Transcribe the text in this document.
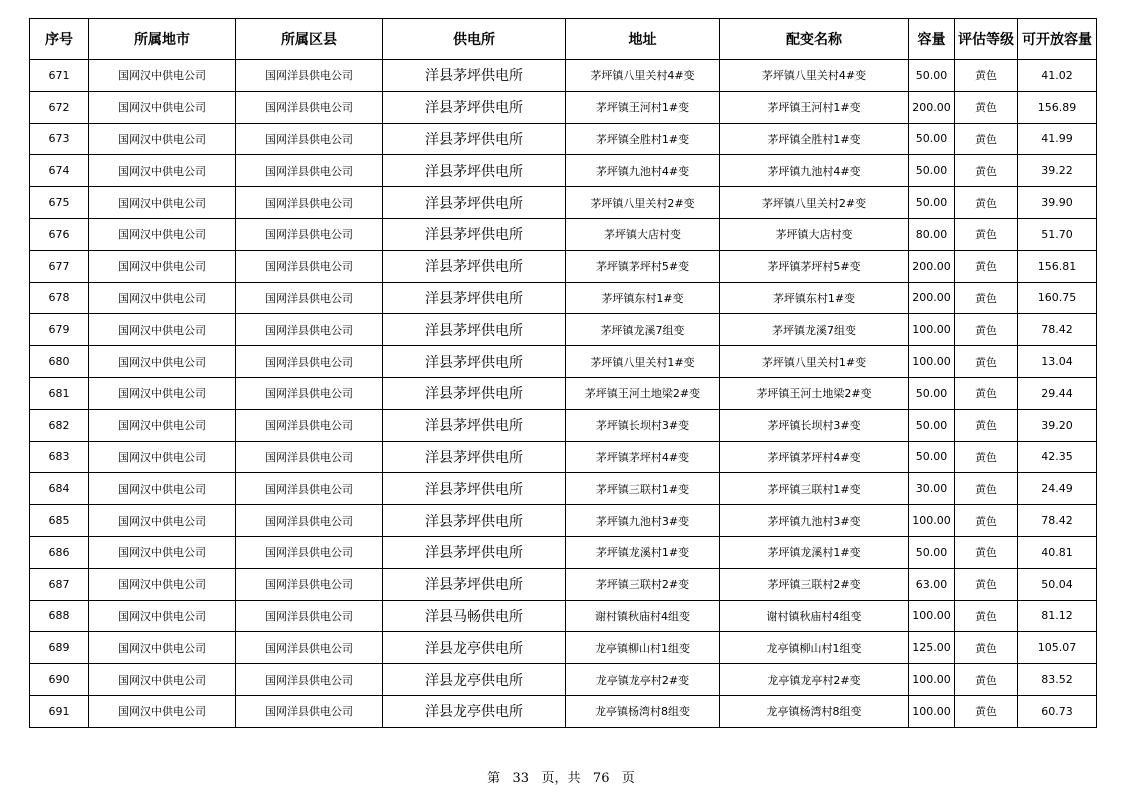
序号	所属地市	所属区县	供电所	地址	配变名称	容量	评估等级	可开放容量
671	国网汉中供电公司	国网洋县供电公司	洋县茅坪供电所	茅坪镇八里关村4#变	茅坪镇八里关村4#变	50.00	黄色	41.02
672	国网汉中供电公司	国网洋县供电公司	洋县茅坪供电所	茅坪镇王河村1#变	茅坪镇王河村1#变	200.00	黄色	156.89
673	国网汉中供电公司	国网洋县供电公司	洋县茅坪供电所	茅坪镇全胜村1#变	茅坪镇全胜村1#变	50.00	黄色	41.99
674	国网汉中供电公司	国网洋县供电公司	洋县茅坪供电所	茅坪镇九池村4#变	茅坪镇九池村4#变	50.00	黄色	39.22
675	国网汉中供电公司	国网洋县供电公司	洋县茅坪供电所	茅坪镇八里关村2#变	茅坪镇八里关村2#变	50.00	黄色	39.90
676	国网汉中供电公司	国网洋县供电公司	洋县茅坪供电所	茅坪镇大店村变	茅坪镇大店村变	80.00	黄色	51.70
677	国网汉中供电公司	国网洋县供电公司	洋县茅坪供电所	茅坪镇茅坪村5#变	茅坪镇茅坪村5#变	200.00	黄色	156.81
678	国网汉中供电公司	国网洋县供电公司	洋县茅坪供电所	茅坪镇东村1#变	茅坪镇东村1#变	200.00	黄色	160.75
679	国网汉中供电公司	国网洋县供电公司	洋县茅坪供电所	茅坪镇龙溪7组变	茅坪镇龙溪7组变	100.00	黄色	78.42
680	国网汉中供电公司	国网洋县供电公司	洋县茅坪供电所	茅坪镇八里关村1#变	茅坪镇八里关村1#变	100.00	黄色	13.04
681	国网汉中供电公司	国网洋县供电公司	洋县茅坪供电所	茅坪镇王河土地梁2#变	茅坪镇王河土地梁2#变	50.00	黄色	29.44
682	国网汉中供电公司	国网洋县供电公司	洋县茅坪供电所	茅坪镇长坝村3#变	茅坪镇长坝村3#变	50.00	黄色	39.20
683	国网汉中供电公司	国网洋县供电公司	洋县茅坪供电所	茅坪镇茅坪村4#变	茅坪镇茅坪村4#变	50.00	黄色	42.35
684	国网汉中供电公司	国网洋县供电公司	洋县茅坪供电所	茅坪镇三联村1#变	茅坪镇三联村1#变	30.00	黄色	24.49
685	国网汉中供电公司	国网洋县供电公司	洋县茅坪供电所	茅坪镇九池村3#变	茅坪镇九池村3#变	100.00	黄色	78.42
686	国网汉中供电公司	国网洋县供电公司	洋县茅坪供电所	茅坪镇龙溪村1#变	茅坪镇龙溪村1#变	50.00	黄色	40.81
687	国网汉中供电公司	国网洋县供电公司	洋县茅坪供电所	茅坪镇三联村2#变	茅坪镇三联村2#变	63.00	黄色	50.04
688	国网汉中供电公司	国网洋县供电公司	洋县马畅供电所	谢村镇秋庙村4组变	谢村镇秋庙村4组变	100.00	黄色	81.12
689	国网汉中供电公司	国网洋县供电公司	洋县龙亭供电所	龙亭镇柳山村1组变	龙亭镇柳山村1组变	125.00	黄色	105.07
690	国网汉中供电公司	国网洋县供电公司	洋县龙亭供电所	龙亭镇龙亭村2#变	龙亭镇龙亭村2#变	100.00	黄色	83.52
691	国网汉中供电公司	国网洋县供电公司	洋县龙亭供电所	龙亭镇杨湾村8组变	龙亭镇杨湾村8组变	100.00	黄色	60.73
第 33 页，共 76 页
